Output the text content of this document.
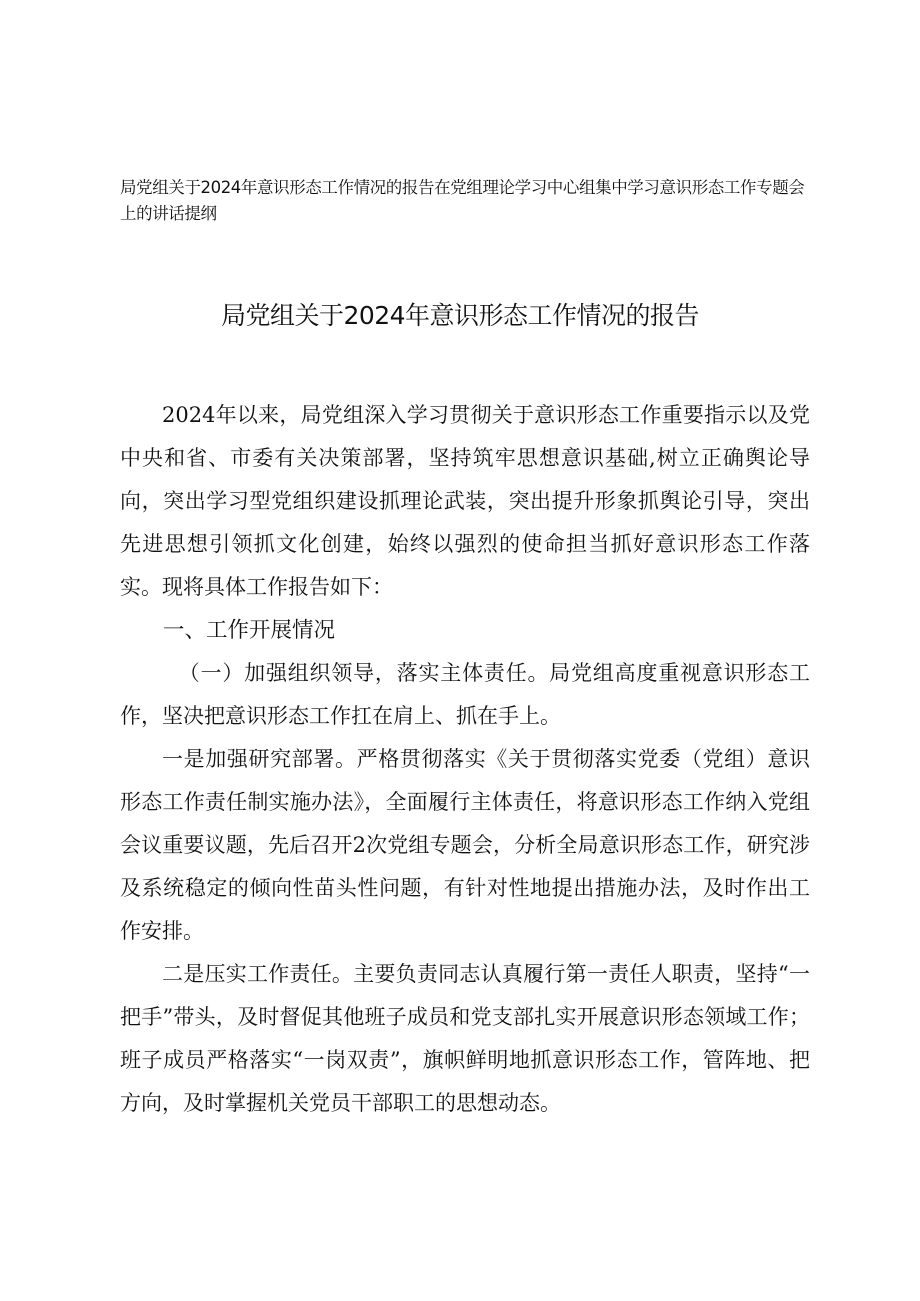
局党组关于2024年意识形态工作情况的报告在党组理论学习中心组集中学习意识形态工作专题会上的讲话提纲
局党组关于2024年意识形态工作情况的报告

2024年以来，局党组深入学习贯彻关于意识形态工作重要指示以及党中央和省、市委有关决策部署，坚持筑牢思想意识基础,树立正确舆论导向，突出学习型党组织建设抓理论武装，突出提升形象抓舆论引导，突出先进思想引领抓文化创建，始终以强烈的使命担当抓好意识形态工作落实。现将具体工作报告如下：

一、工作开展情况

（一）加强组织领导，落实主体责任。局党组高度重视意识形态工作，坚决把意识形态工作扛在肩上、抓在手上。

一是加强研究部署。严格贯彻落实《关于贯彻落实党委（党组）意识形态工作责任制实施办法》，全面履行主体责任，将意识形态工作纳入党组会议重要议题，先后召开2次党组专题会，分析全局意识形态工作，研究涉及系统稳定的倾向性苗头性问题，有针对性地提出措施办法，及时作出工作安排。

二是压实工作责任。主要负责同志认真履行第一责任人职责，坚持“一把手”带头，及时督促其他班子成员和党支部扎实开展意识形态领域工作；班子成员严格落实“一岗双责”，旗帜鲜明地抓意识形态工作，管阵地、把方向，及时掌握机关党员干部职工的思想动态。
